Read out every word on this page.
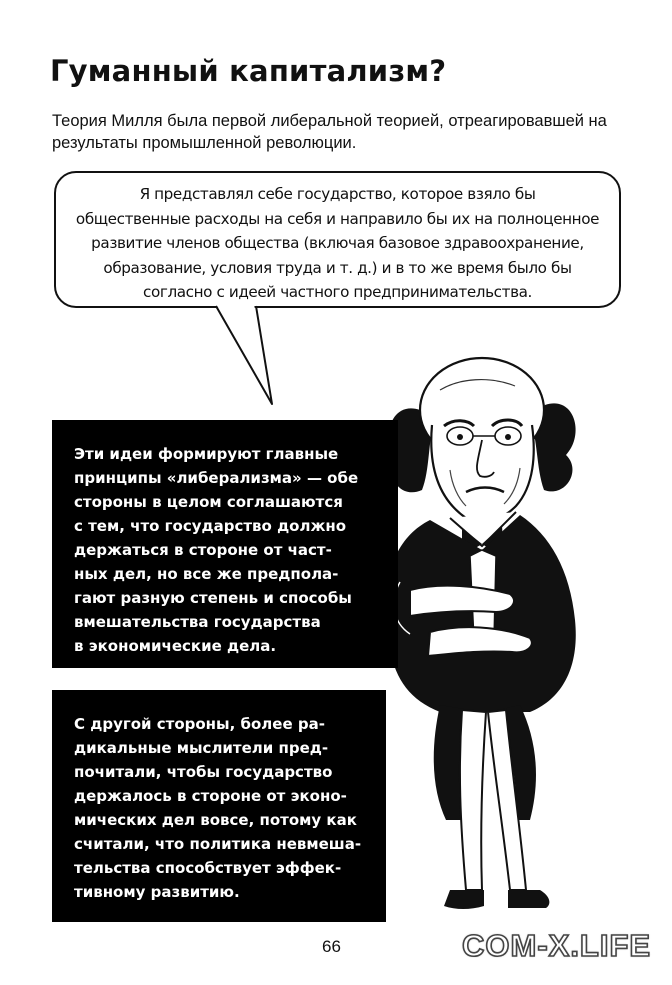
Гуманный капитализм?

Теория Милля была первой либеральной теорией, отреагировавшей на результаты промышленной революции.

Я представлял себе государство, которое взяло бы
общественные расходы на себя и направило бы их на полноценное
развитие членов общества (включая базовое здравоохранение,
образование, условия труда и т. д.) и в то же время было бы
согласно с идеей частного предпринимательства.
Эти идеи формируют главные
принципы «либерализма» — обе
стороны в целом соглашаются
с тем, что государство должно
держаться в стороне от част-
ных дел, но все же предпола-
гают разную степень и способы
вмешательства государства
в экономические дела.
С другой стороны, более ра-
дикальные мыслители пред-
почитали, чтобы государство
держалось в стороне от эконо-
мических дел вовсе, потому как
считали, что политика невмеша-
тельства способствует эффек-
тивному развитию.
66	COM-X.LIFE
